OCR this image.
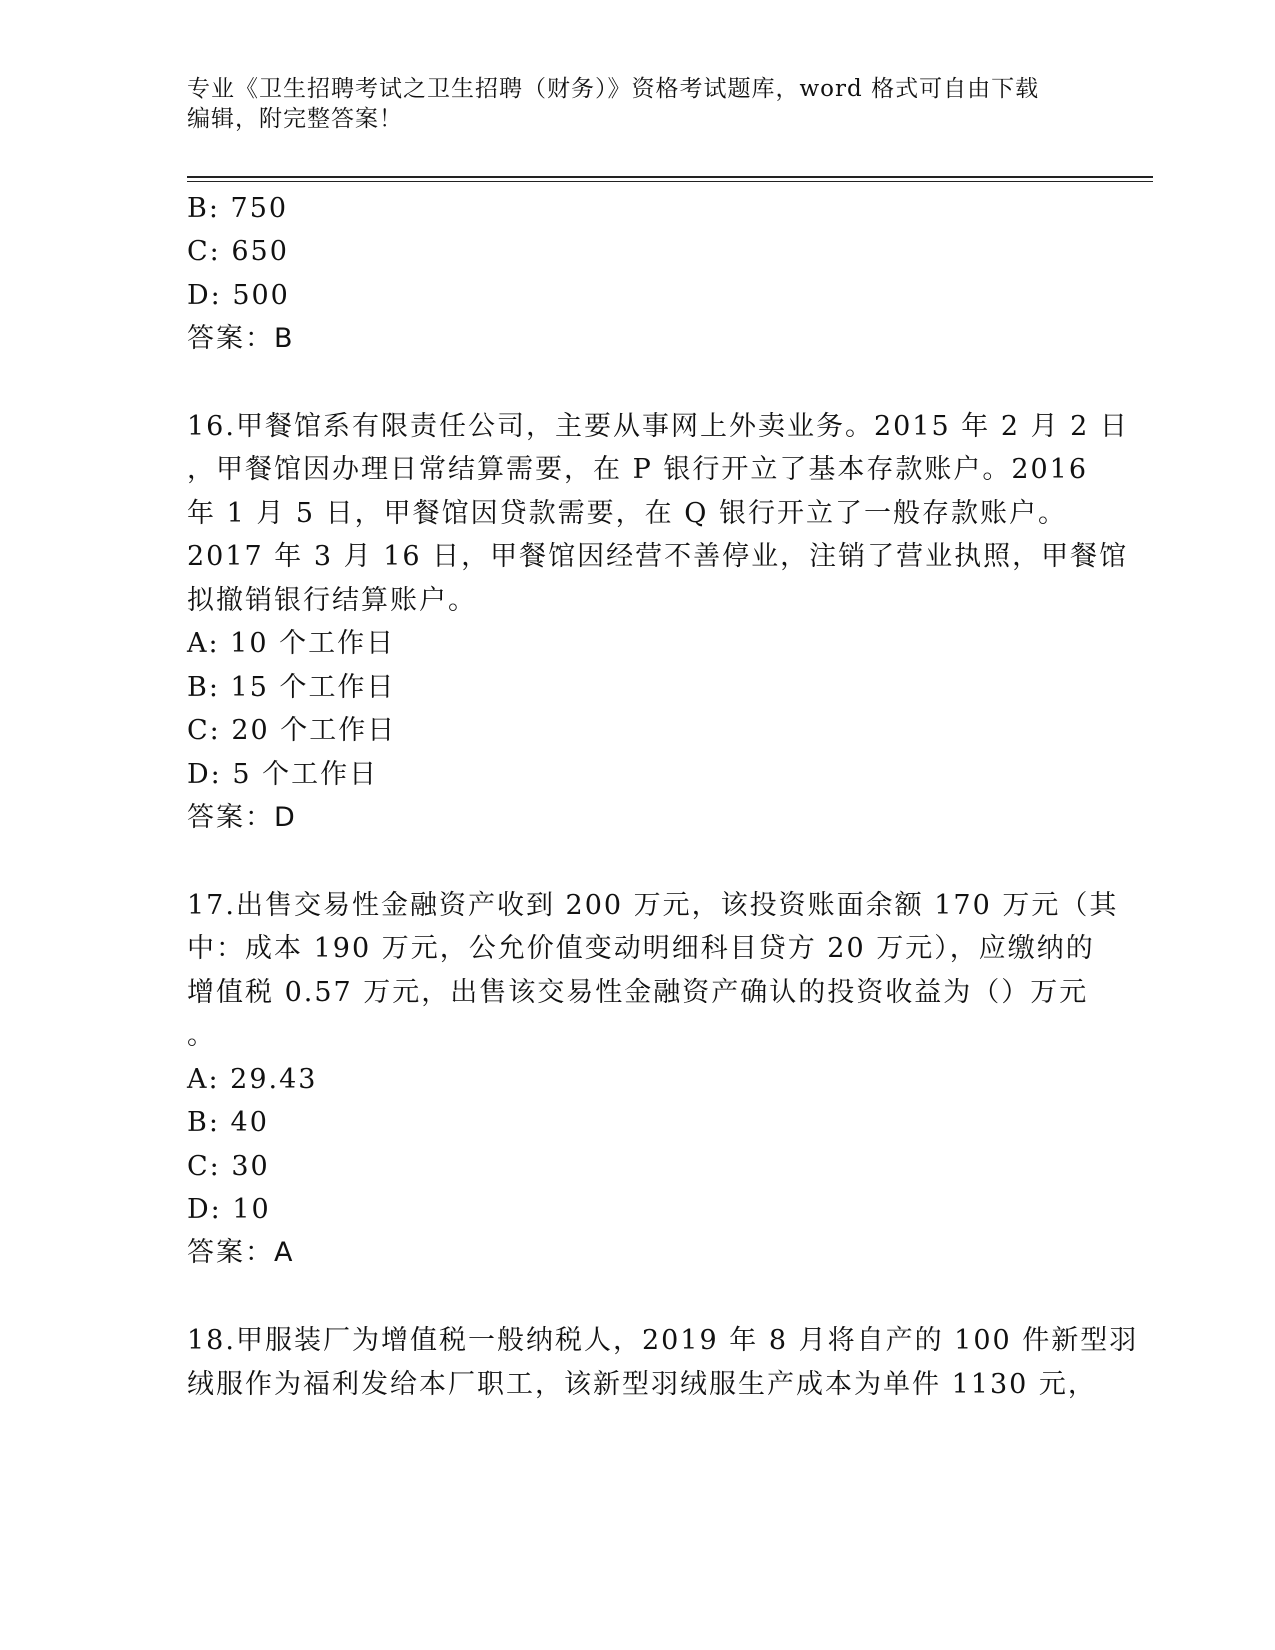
专业《卫生招聘考试之卫生招聘（财务）》资格考试题库，word 格式可自由下载
编辑，附完整答案！
B: 750
C: 650
D: 500
答案：B
16.甲餐馆系有限责任公司，主要从事网上外卖业务。2015 年 2 月 2 日
，甲餐馆因办理日常结算需要，在 P 银行开立了基本存款账户。2016
年 1 月 5 日，甲餐馆因贷款需要，在 Q 银行开立了一般存款账户。
2017 年 3 月 16 日，甲餐馆因经营不善停业，注销了营业执照，甲餐馆
拟撤销银行结算账户。
A: 10 个工作日
B: 15 个工作日
C: 20 个工作日
D: 5 个工作日
答案：D
17.出售交易性金融资产收到 200 万元，该投资账面余额 170 万元（其
中：成本 190 万元，公允价值变动明细科目贷方 20 万元），应缴纳的
增值税 0.57 万元，出售该交易性金融资产确认的投资收益为（）万元
。
A: 29.43
B: 40
C: 30
D: 10
答案：A
18.甲服装厂为增值税一般纳税人，2019 年 8 月将自产的 100 件新型羽
绒服作为福利发给本厂职工，该新型羽绒服生产成本为单件 1130 元，
